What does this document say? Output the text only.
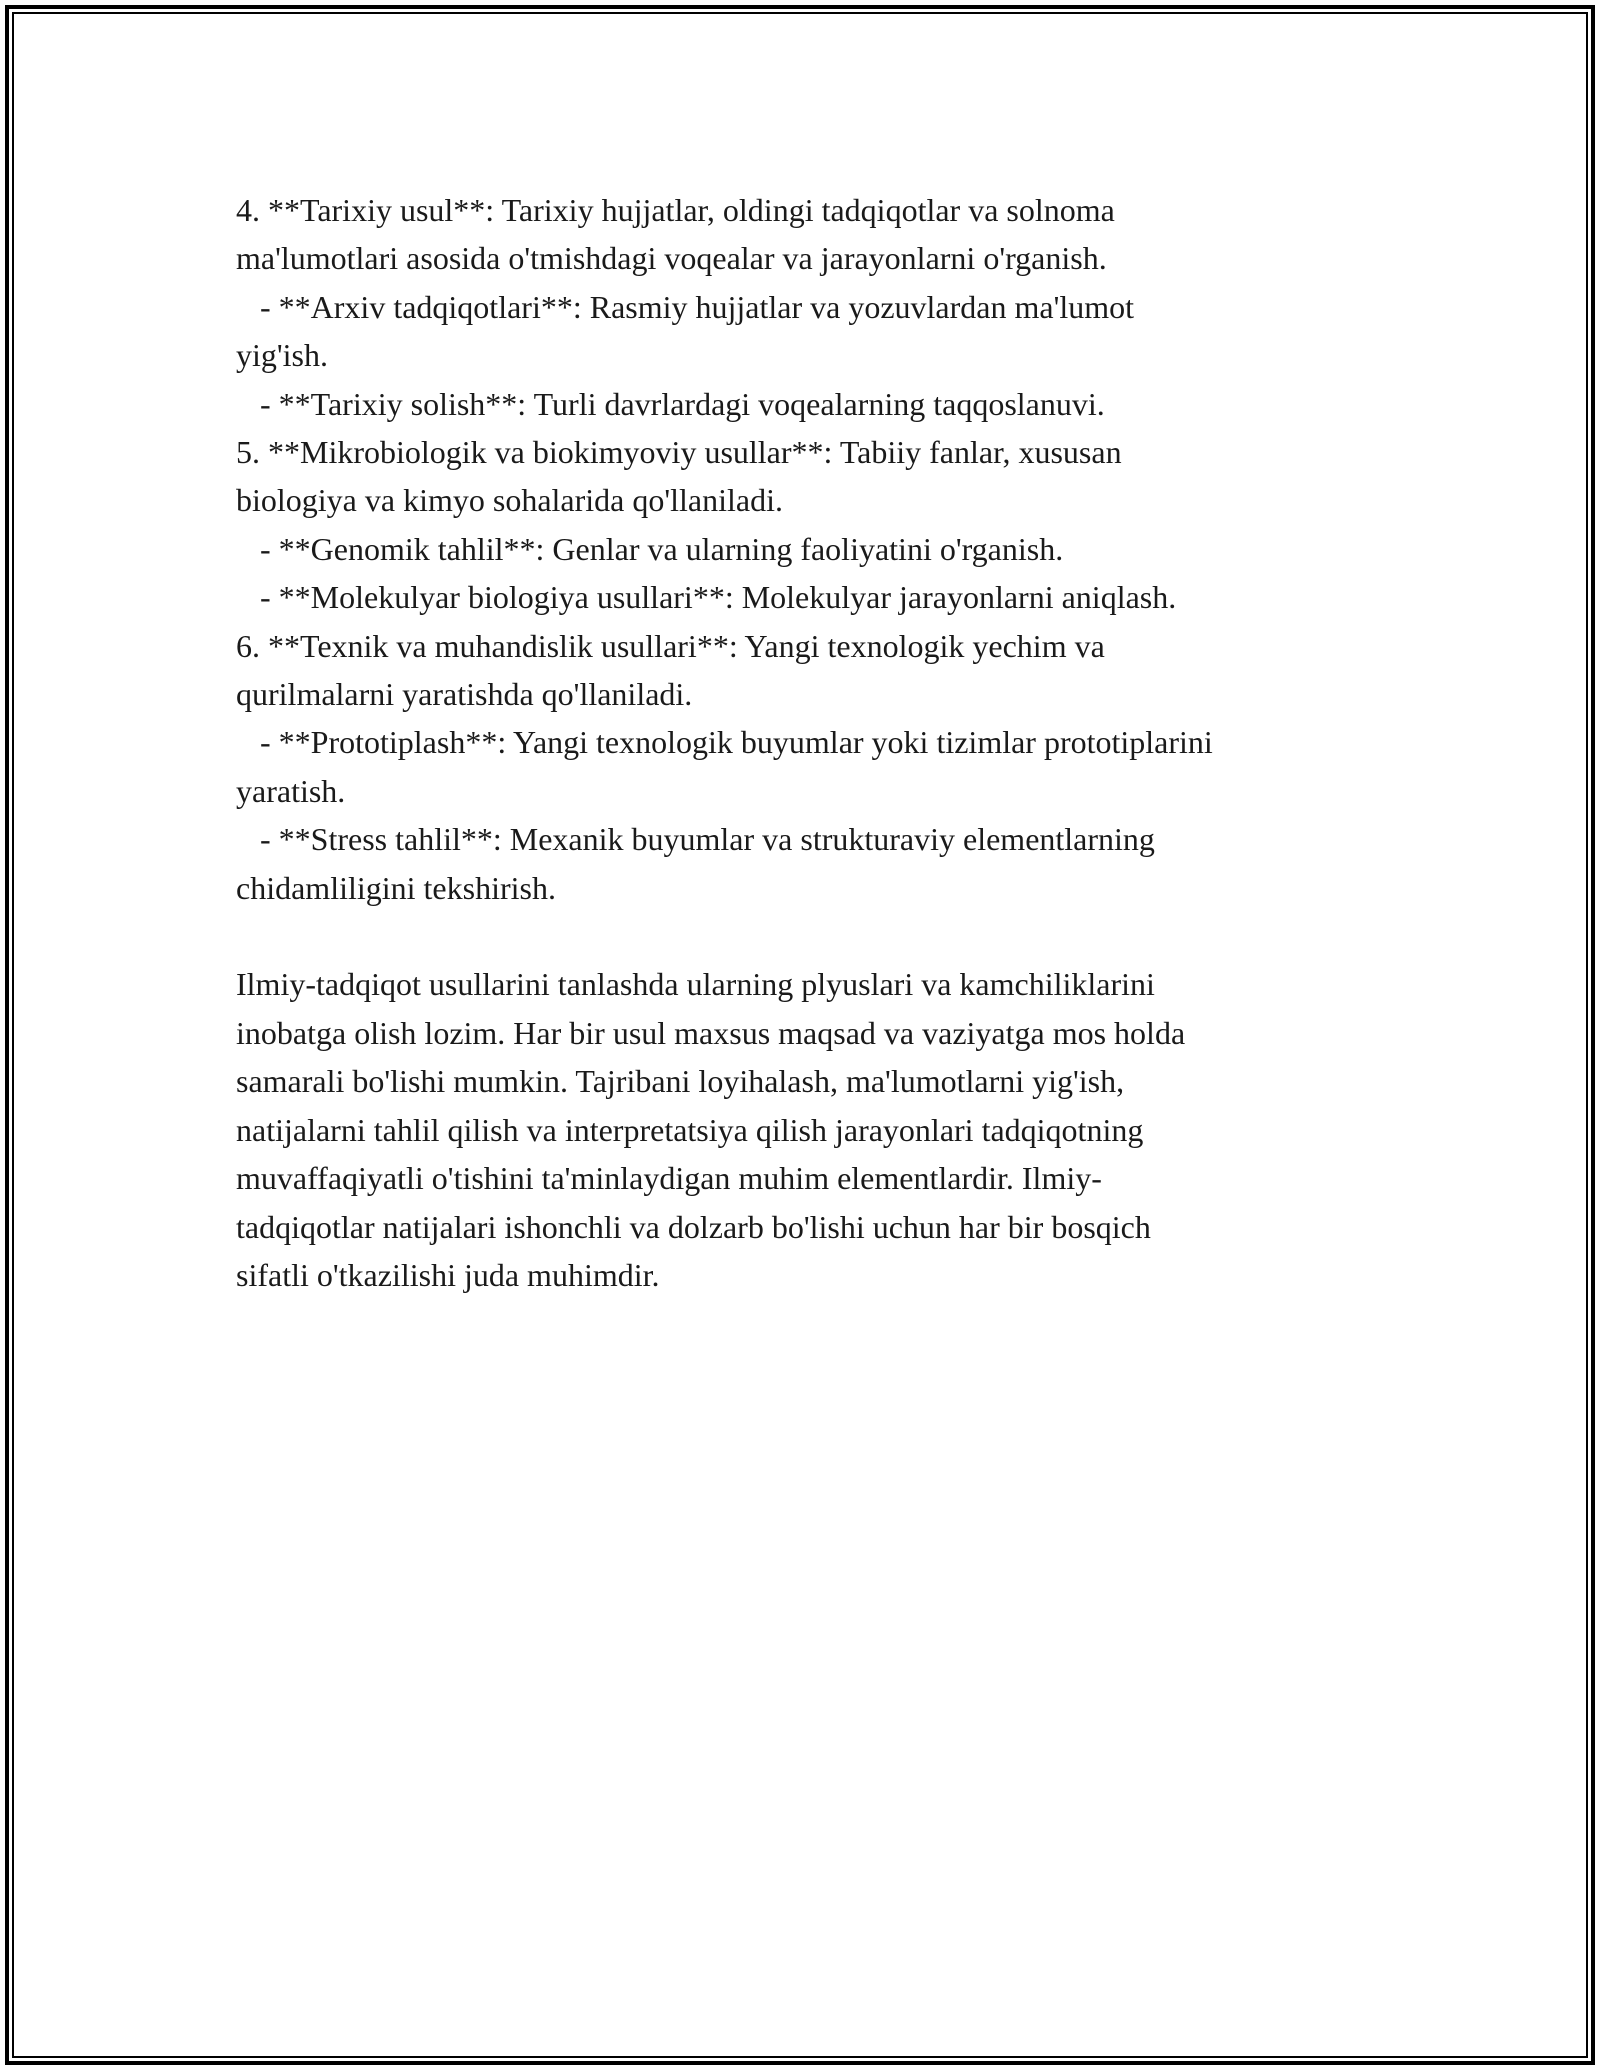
4. **Tarixiy usul**: Tarixiy hujjatlar, oldingi tadqiqotlar va solnoma

ma'lumotlari asosida o'tmishdagi voqealar va jarayonlarni o'rganish.

- **Arxiv tadqiqotlari**: Rasmiy hujjatlar va yozuvlardan ma'lumot

yig'ish.

- **Tarixiy solish**: Turli davrlardagi voqealarning taqqoslanuvi.

5. **Mikrobiologik va biokimyoviy usullar**: Tabiiy fanlar, xususan

biologiya va kimyo sohalarida qo'llaniladi.

- **Genomik tahlil**: Genlar va ularning faoliyatini o'rganish.

- **Molekulyar biologiya usullari**: Molekulyar jarayonlarni aniqlash.

6. **Texnik va muhandislik usullari**: Yangi texnologik yechim va

qurilmalarni yaratishda qo'llaniladi.

- **Prototiplash**: Yangi texnologik buyumlar yoki tizimlar prototiplarini

yaratish.

- **Stress tahlil**: Mexanik buyumlar va strukturaviy elementlarning

chidamliligini tekshirish.

Ilmiy-tadqiqot usullarini tanlashda ularning plyuslari va kamchiliklarini

inobatga olish lozim. Har bir usul maxsus maqsad va vaziyatga mos holda

samarali bo'lishi mumkin. Tajribani loyihalash, ma'lumotlarni yig'ish,

natijalarni tahlil qilish va interpretatsiya qilish jarayonlari tadqiqotning

muvaffaqiyatli o'tishini ta'minlaydigan muhim elementlardir. Ilmiy-

tadqiqotlar natijalari ishonchli va dolzarb bo'lishi uchun har bir bosqich

sifatli o'tkazilishi juda muhimdir.
